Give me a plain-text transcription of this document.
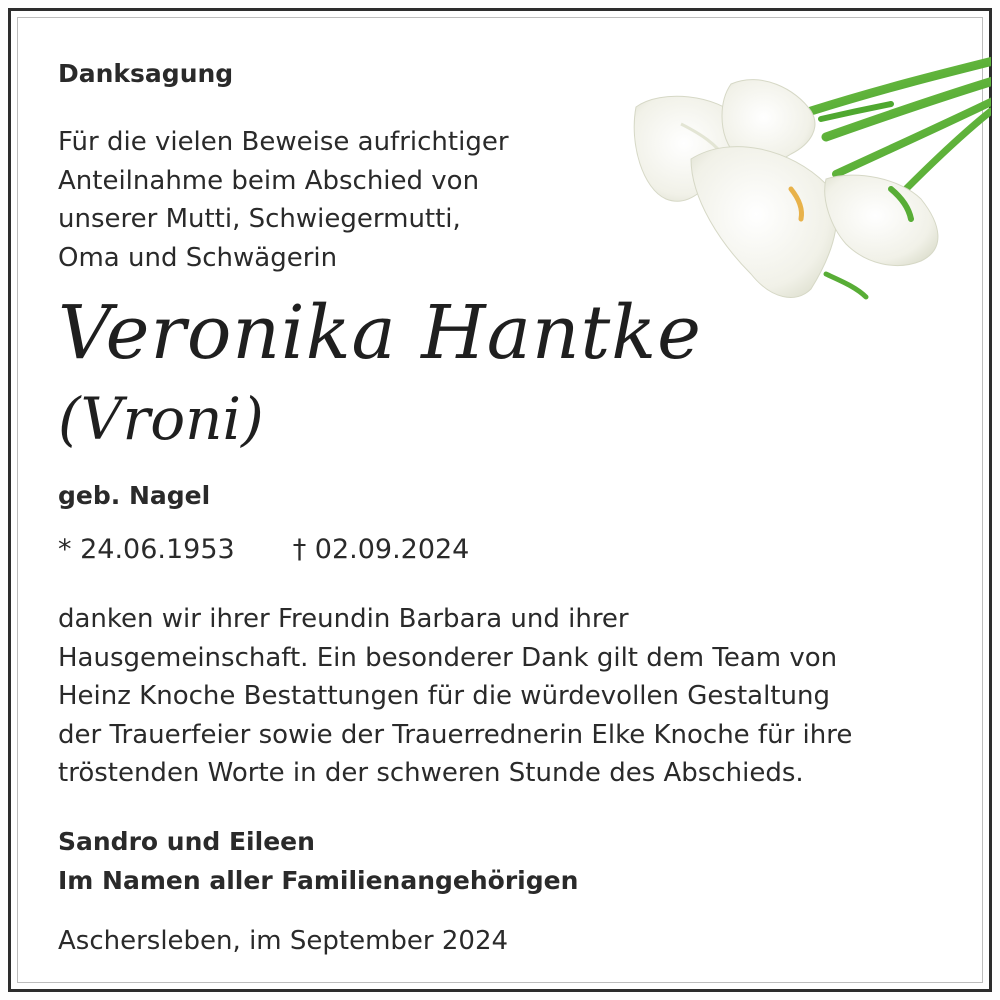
Danksagung

Für die vielen Beweise aufrichtiger
Anteilnahme beim Abschied von
unserer Mutti, Schwiegermutti,
Oma und Schwägerin

Veronika Hantke

(Vroni)

geb. Nagel

* 24.06.1953 † 02.09.2024

danken wir ihrer Freundin Barbara und ihrer
Hausgemeinschaft. Ein besonderer Dank gilt dem Team von
Heinz Knoche Bestattungen für die würdevollen Gestaltung
der Trauerfeier sowie der Trauerrednerin Elke Knoche für ihre
tröstenden Worte in der schweren Stunde des Abschieds.

Sandro und Eileen
Im Namen aller Familienangehörigen

Aschersleben, im September 2024
